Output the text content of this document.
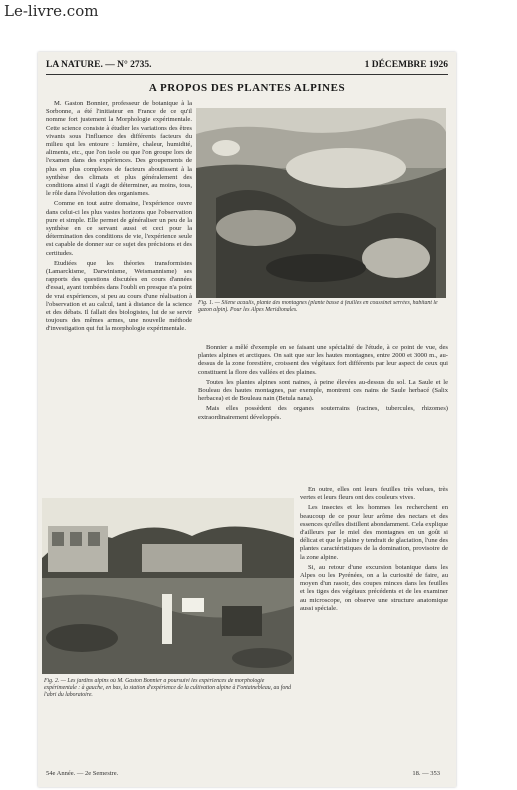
Le-livre.com
LA NATURE. — N° 2735.	1 DÉCEMBRE 1926
A PROPOS DES PLANTES ALPINES

M. Gaston Bonnier, professeur de botanique à la Sorbonne, a été l'initiateur en France de ce qu'il nomme fort justement la Morphologie expérimentale. Cette science consiste à étudier les variations des êtres vivants sous l'influence des différents facteurs du milieu qui les entoure : lumière, chaleur, humidité, aliments, etc., que l'on isole ou que l'on groupe lors de l'examen dans des expériences. Des groupements de plus en plus complexes de facteurs aboutissent à la synthèse des climats et plus généralement des conditions ainsi il s'agit de déterminer, au moins, tous, le rôle dans l'évolution des organismes.

Comme en tout autre domaine, l'expérience ouvre dans celui-ci les plus vastes horizons que l'observation pure et simple. Elle permet de généraliser un peu de la synthèse en ce servant aussi et ceci pour la détermination des conditions de vie, l'expérience seule est capable de donner sur ce sujet des précisions et des certitudes.

Etudiées que les théories transformistes (Lamarckisme, Darwinisme, Weismannisme) ses rapports des questions discutées en cours d'années d'essai, ayant tombées dans l'oubli en presque n'a point de vrai expériences, si peu au cours d'une réalisation à l'observation et au calcul, tant à distance de la science et des débats. Il fallait des biologistes, lui de se servir toujours des mêmes armes, une nouvelle méthode d'investigation qui fut la morphologie expérimentale.

Fig. 1. — Silene acaulis, plante des montagnes (plante basse à feuilles en coussinet serrées, habitant le gazon alpin). Pour les Alpes Meridionales.

Bonnier a mêlé d'exemple en se faisant une spécialité de l'étude, à ce point de vue, des plantes alpines et arctiques. On sait que sur les hautes montagnes, entre 2000 et 3000 m., au-dessus de la zone forestière, croissent des végétaux fort différents par leur aspect de ceux qui constituent la flore des vallées et des plaines.

Toutes les plantes alpines sont naines, à peine élevées au-dessus du sol. La Saule et le Bouleau des hautes montagnes, par exemple, montrent ces nains de Saule herbacé (Salix herbacea) et de Bouleau nain (Betula nana).

Mais elles possèdent des organes souterrains (racines, tubercules, rhizomes) extraordinairement développés.

Fig. 2. — Les jardins alpins où M. Gaston Bonnier a poursuivi les expériences de morphologie expérimentale : à gauche, en bas, la station d'expérience de la cultivation alpine à Fontainebleau, au fond l'abri du laboratoire.

En outre, elles ont leurs feuilles très velues, très vertes et leurs fleurs ont des couleurs vives.

Les insectes et les hommes les recherchent en beaucoup de ce pour leur arôme des nectars et des essences qu'elles distillent abondamment. Cela explique d'ailleurs par le miel des montagnes en un goût si délicat et que le plaine y tendrait de glaciation, l'une des plantes caractéristiques de la domination, provisoire de la zone alpine.

Si, au retour d'une excursion botanique dans les Alpes ou les Pyrénées, on a la curiosité de faire, au moyen d'un rasoir, des coupes minces dans les feuilles et les tiges des végétaux précédents et de les examiner au microscope, on observe une structure anatomique aussi spéciale.

54e Année. — 2e Semestre.	18. — 353
